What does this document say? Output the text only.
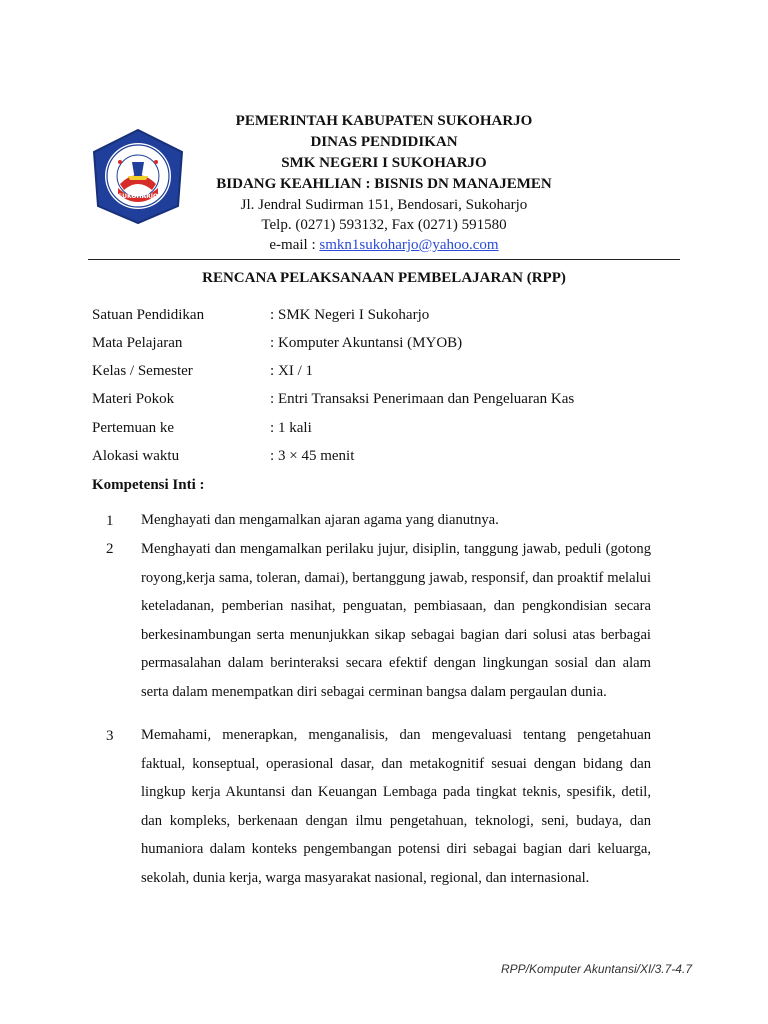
SUKOHARJO
PEMERINTAH KABUPATEN SUKOHARJO
DINAS PENDIDIKAN
SMK NEGERI I SUKOHARJO
BIDANG KEAHLIAN : BISNIS DN MANAJEMEN
Jl. Jendral Sudirman 151, Bendosari, Sukoharjo
Telp. (0271) 593132, Fax (0271) 591580
e-mail : smkn1sukoharjo@yahoo.com
RENCANA PELAKSANAAN PEMBELAJARAN (RPP)
Satuan Pendidikan	: SMK Negeri I Sukoharjo
Mata Pelajaran	: Komputer Akuntansi (MYOB)
Kelas / Semester	: XI / 1
Materi Pokok	: Entri Transaksi Penerimaan dan Pengeluaran Kas
Pertemuan ke	: 1 kali
Alokasi waktu	: 3 × 45 menit
Kompetensi Inti :
1 Menghayati dan mengamalkan ajaran agama yang dianutnya.
2 Menghayati dan mengamalkan perilaku jujur, disiplin, tanggung jawab, peduli (gotong royong,kerja sama, toleran, damai), bertanggung jawab, responsif, dan proaktif melalui keteladanan, pemberian nasihat, penguatan, pembiasaan, dan pengkondisian secara berkesinambungan serta menunjukkan sikap sebagai bagian dari solusi atas berbagai permasalahan dalam berinteraksi secara efektif dengan lingkungan sosial dan alam serta dalam menempatkan diri sebagai cerminan bangsa dalam pergaulan dunia.
3 Memahami, menerapkan, menganalisis, dan mengevaluasi tentang pengetahuan faktual, konseptual, operasional dasar, dan metakognitif sesuai dengan bidang dan lingkup kerja Akuntansi dan Keuangan Lembaga pada tingkat teknis, spesifik, detil, dan kompleks, berkenaan dengan ilmu pengetahuan, teknologi, seni, budaya, dan humaniora dalam konteks pengembangan potensi diri sebagai bagian dari keluarga, sekolah, dunia kerja, warga masyarakat nasional, regional, dan internasional.
RPP/Komputer Akuntansi/XI/3.7-4.7
